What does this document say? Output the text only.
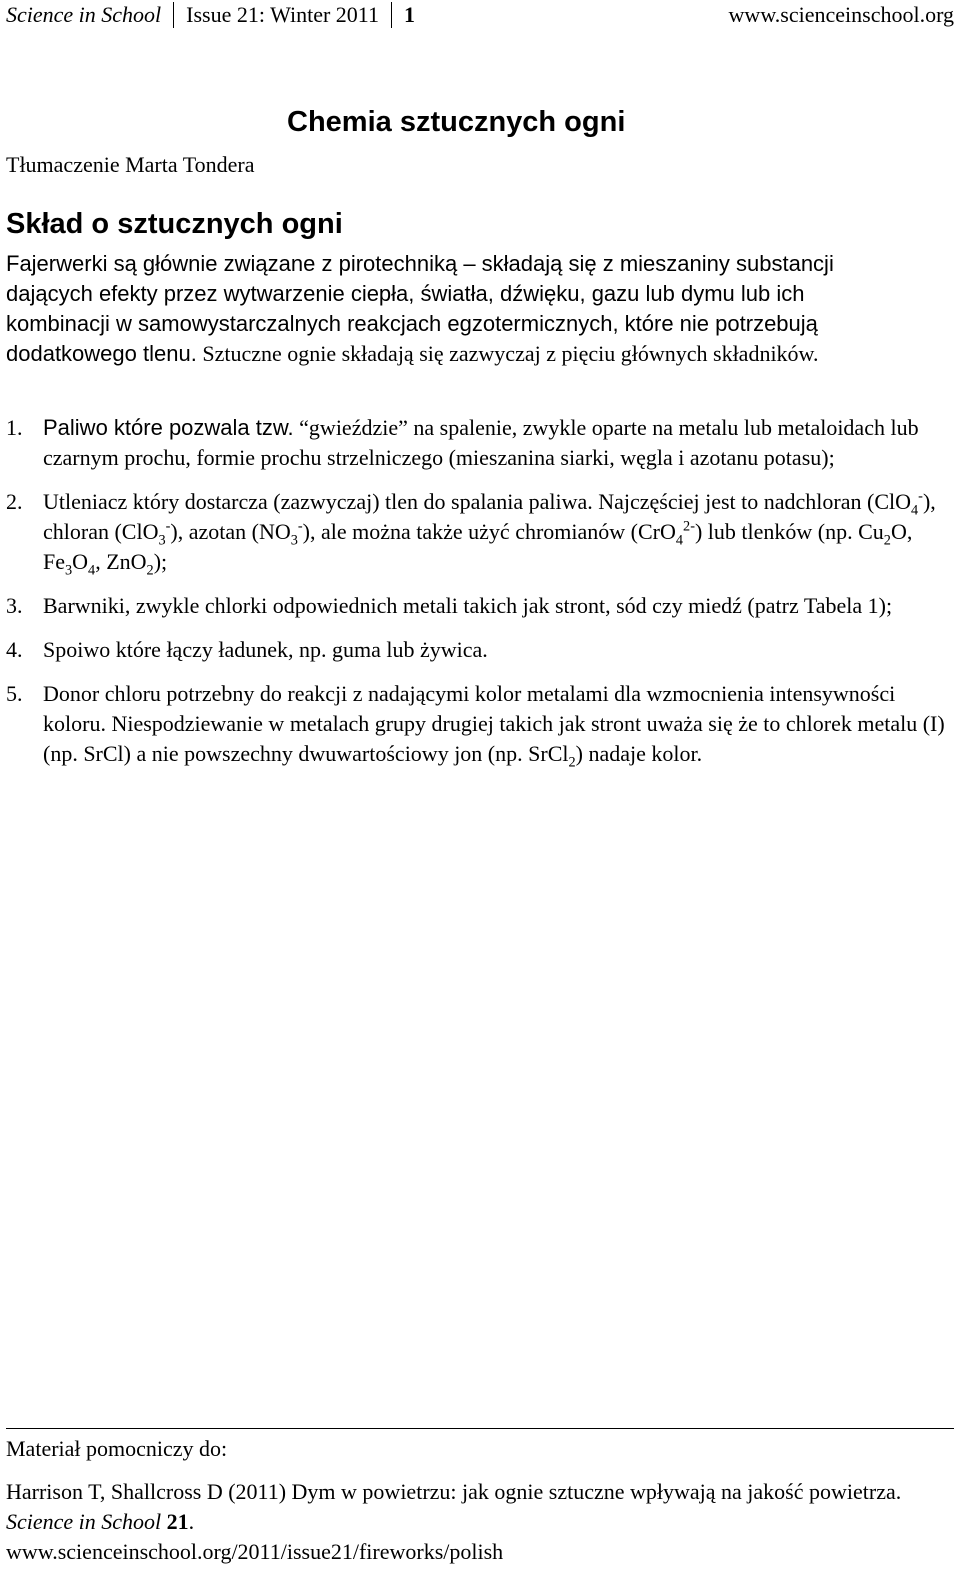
Science in School Issue 21: Winter 2011 1	www.scienceinschool.org
Chemia sztucznych ogni
Tłumaczenie Marta Tondera
Skład o sztucznych ogni
Fajerwerki są głównie związane z pirotechniką – składają się z mieszaniny substancji dających efekty przez wytwarzenie ciepła, światła, dźwięku, gazu lub dymu lub ich kombinacji w samowystarczalnych reakcjach egzotermicznych, które nie potrzebują dodatkowego tlenu. Sztuczne ognie składają się zazwyczaj z pięciu głównych składników.
1. Paliwo które pozwala tzw. “gwieździe” na spalenie, zwykle oparte na metalu lub metaloidach lub czarnym prochu, formie prochu strzelniczego (mieszanina siarki, węgla i azotanu potasu);
2. Utleniacz który dostarcza (zazwyczaj) tlen do spalania paliwa. Najczęściej jest to nadchloran (ClO$_4$-), chloran (ClO$_3$-), azotan $(NO_3^-)$, ale można także użyć chromianów (CrO$_4^{2-}$) lub tlenków (np. $Cu_2O$, $Fe_3O_4$, ZnO$_2$);
3. Barwniki, zwykle chlorki odpowiednich metali takich jak stront, sód czy miedź (patrz Tabela 1);
4. Spoiwo które łączy ładunek, np. guma lub żywica.
5. Donor chloru potrzebny do reakcji z nadającymi kolor metalami dla wzmocnienia intensywności koloru. Niespodziewanie w metalach grupy drugiej takich jak stront uważa się że to chlorek metalu (I) (np. SrCl) a nie powszechny dwuwartościowy jon (np. SrCl$_2$) nadaje kolor.
Materiał pomocniczy do:
Harrison T, Shallcross D (2011) Dym w powietrzu: jak ognie sztuczne wpływają na jakość powietrza. Science in School 21.
www.scienceinschool.org/2011/issue21/fireworks/polish
